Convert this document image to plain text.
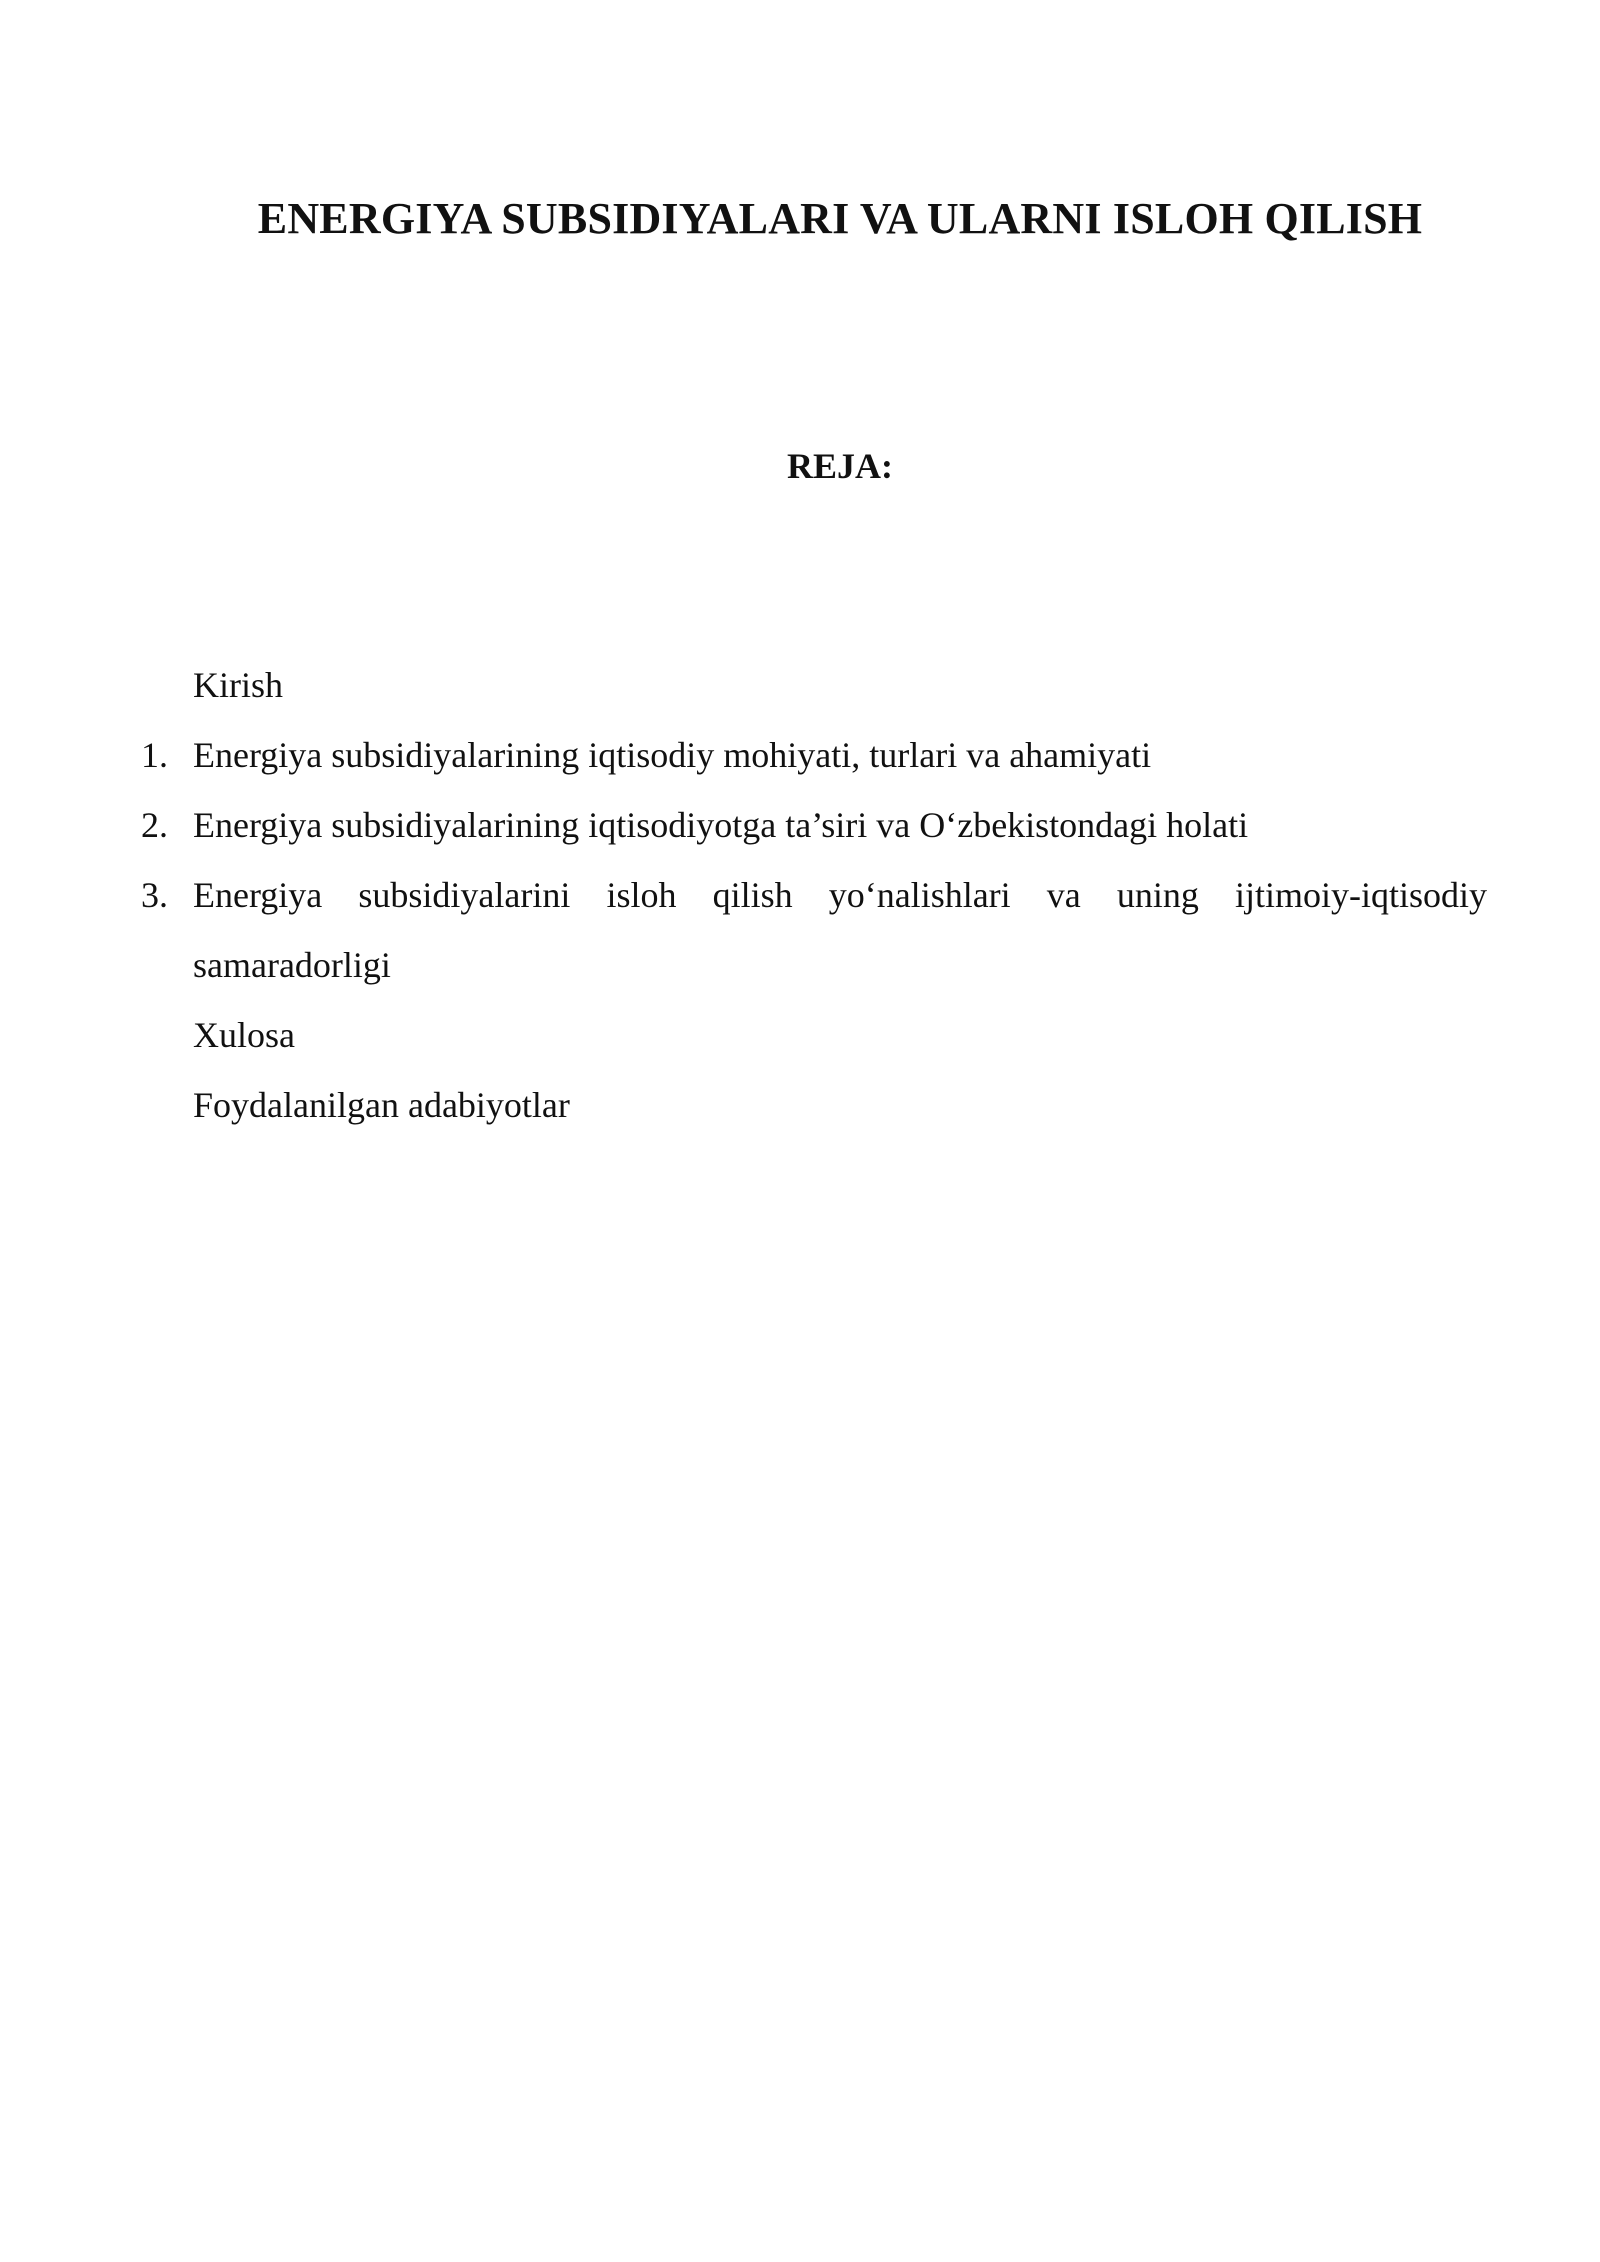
ENERGIYA SUBSIDIYALARI VA ULARNI ISLOH QILISH
REJA:
Kirish
1. Energiya subsidiyalarining iqtisodiy mohiyati, turlari va ahamiyati
2. Energiya subsidiyalarining iqtisodiyotga ta’siri va O‘zbekistondagi holati
3. Energiya subsidiyalarini isloh qilish yo‘nalishlari va uning ijtimoiy-iqtisodiy samaradorligi
Xulosa
Foydalanilgan adabiyotlar
